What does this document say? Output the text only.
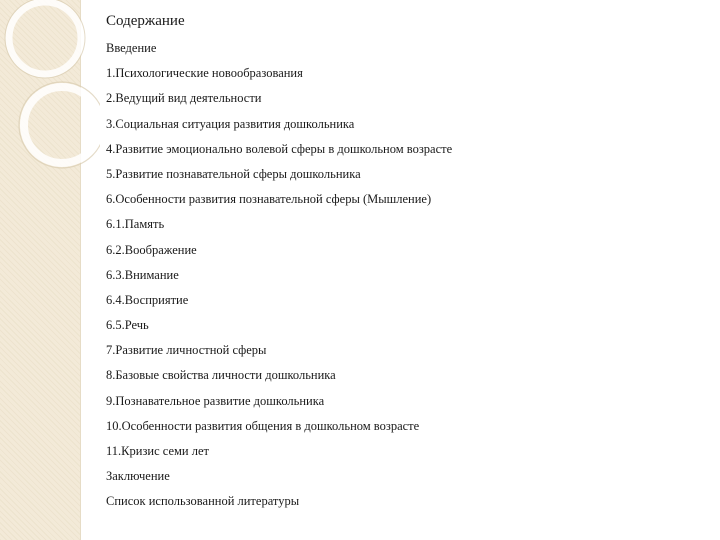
Содержание
Введение
1.Психологические новообразования
2.Ведущий вид деятельности
3.Социальная ситуация развития дошкольника
4.Развитие эмоционально волевой сферы в дошкольном возрасте
5.Развитие познавательной сферы дошкольника
6.Особенности развития познавательной сферы (Мышление)
6.1.Память
6.2.Воображение
6.3.Внимание
6.4.Восприятие
6.5.Речь
7.Развитие личностной сферы
8.Базовые свойства личности дошкольника
9.Познавательное развитие дошкольника
10.Особенности развития общения в дошкольном возрасте
11.Кризис семи лет
Заключение
Список использованной литературы
